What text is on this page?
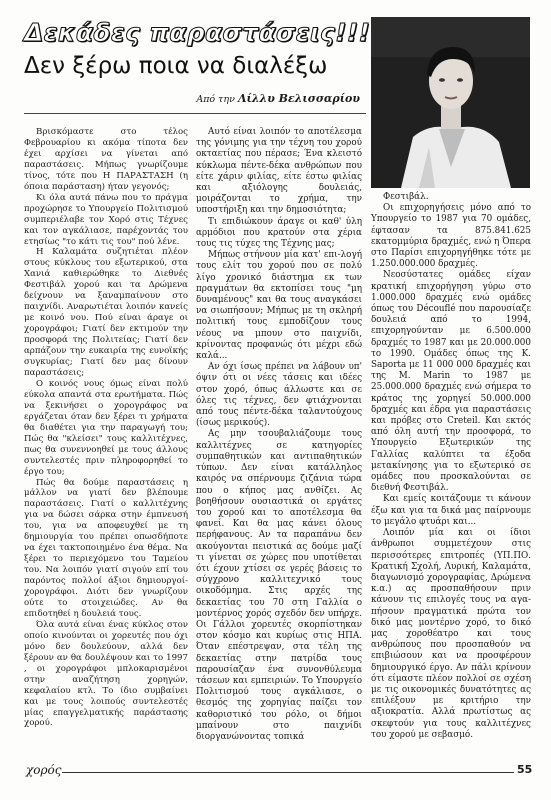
Δεκάδες παραστάσεις!!!
Δεν ξέρω ποια να διαλέξω
Από την Λίλλυ Βελισσαρίου

Βρισκόμαστε στο τέλος Φεβρουαρίου κι ακόμα τίποτα δεν έχει αρχίσει να γίνεται από παραστάσεις. Μήπως γνωρίζουμε τίνος, τότε που Η ΠΑΡΑΣΤΑΣΗ (η όποια παράσταση) ήταν γεγονός;

Κι όλα αυτά πάνω που το πράγμα προχώρησε το Υπουργείο Πολιτισμού συμπεριέλαβε τον Χορό στις Τέχνες και τον αγκάλιασε, παρέχοντάς του ετησίως "το κάτι τις του" πού λένε.

Η Καλαμάτα συζητιέται πλέον στους κύκλους του εξωτερικού, στα Χανιά καθιερώθηκε το Διεθνές Φεστιβάλ χορού και τα Δρώμενα δείχνουν να ξαναμπαίνουν στο παιχνίδι. Αναρωτιέται λοιπόν κανείς με κοινό νου. Πού είναι άραγε οι χορογράφοι; Γιατί δεν εκτιμούν την προσφορά της Πολιτείας; Γιατί δεν αρπάζουν την ευκαιρία της ευνοϊκής συγκυρίας; Γιατί δεν μας δίνουν παραστάσεις;

Ο κοινός νους όμως είναι πολύ εύκολα απαντά στα ερωτήματα. Πώς να ξεκινήσει ο χορογράφος να εργάζεται όταν δεν ξέρει τι χρήματα θα διαθέτει για την παραγωγή του; Πώς θα "κλείσει" τους καλλιτέχνες, πως θα συνεννοηθεί με τους άλλους συντελεστές πριν πληροφορηθεί το έργο του;

Πώς θα δούμε παραστάσεις η μάλλον να γιατί δεν βλέπουμε παραστάσεις. Γιατί ο καλλιτέχνης για να δώσει σάρκα στην έμπνευσή του, για να αποφευχθεί με τη δημιουργία του πρέπει οπωσδήποτε να έχει τακτοποιημένο ένα θέμα. Να ξέρει το περιεχόμενο του Ταμείου του. Να λοιπόν γιατί σιγούν επί του παρόντος πολλοί άξιοι δημιουργοί-χορογράφοι. Διότι δεν γνωρίζουν ούτε το στοιχειώδες. Αν θα επιδοτηθεί η δουλειά τους.

Όλα αυτά είναι ένας κύκλος στον οποίο κινούνται οι χορευτές που όχι μόνο δεν δουλεύουν, αλλά δεν ξέρουν αν θα δουλέψουν και το 1997 , οι χορογράφοι μπλοκαρισμένοι στην αναζήτηση χορηγών, κεφαλαίου κτλ. Το ίδιο συμβαίνει και με τους λοιπούς συντελεστές μίας επαγγελματικής παράστασης χορού.

Αυτό είναι λοιπόν το αποτέλεσμα της γόνιμης για την τέχνη του χορού οκταετίας που πέρασε; Ένα κλειστό κύκλωμα πέντε-δέκα ανθρώπων που είτε χάριν φιλίας, είτε έστω φιλίας και αξιόλογης δουλειάς, μοιράζονται το χρήμα, την υποστήριξη και την δημοσιότητα;

Τι επιδιώκουν άραγε οι καθ' ύλη αρμόδιοι που κρατούν στα χέρια τους τις τύχες της Τέχνης μας;

Μήπως στήνουν μία κατ' επι-λογή τους ελίτ του χορού που σε πολύ λίγο χρονικό διάστημα εκ των πραγμάτων θα εκτοπίσει τους "μη δυναμένους" και θα τους αναγκάσει να σιωπήσουν; Μήπως με τη σκληρή πολιτική τους εμποδίζουν τους νέους να μπουν στο παιχνίδι, κρίνοντας προφανώς ότι μέχρι εδώ καλά...

Αν όχι ίσως πρέπει να λάβουν υπ' όψιν ότι οι νέες τάσεις και ιδέες στον χορό, όπως άλλωστε και σε όλες τις τέχνες, δεν φτιάχνονται από τους πέντε-δέκα ταλαντούχους (ίσως μερικούς).

Ας μην τσουβαλιάζουμε τους καλλιτέχνες σε κατηγορίες συμπαθητικών και αντιπαθητικών τύπων. Δεν είναι κατάλληλος καιρός να σπέρνουμε ζιζάνια τώρα που ο κήπος μας ανθίζει. Ας βοηθήσουν ουσιαστικά οι εργάτες του χορού και το αποτέλεσμα θα φανεί. Και θα μας κάνει όλους περήφανους. Αν τα παραπάνω δεν ακούγονται πειστικά ας δούμε μαζί τι γίνεται σε χώρες που υποτίθεται ότι έχουν χτίσει σε γερές βάσεις το σύγχρονο καλλιτεχνικό τους οικοδόμημα. Στις αρχές της δεκαετίας του 70 στη Γαλλία ο μοντέρνος χορός σχεδόν δεν υπήρχε. Οι Γάλλοι χορευτές σκορπίστηκαν στον κόσμο και κυρίως στις ΗΠΑ. Όταν επέστρεψαν, στα τέλη της δεκαετίας στην πατρίδα τους παρουσίαζαν ένα συνονθύλευμα τάσεων και εμπειριών. Το Υπουργείο Πολιτισμού τους αγκάλιασε, ο θεσμός της χορηγίας παίζει τον καθοριστικό του ρόλο, οι δήμοι μπαίνουν στο παιχνίδι διοργανώνοντας τοπικά

Φεστιβάλ.

Οι επιχορηγήσεις μόνο από το Υπουργείο το 1987 για 70 ομάδες, έφτασαν τα 875.841.625 εκατομμύρια δραχμές, ενώ η Όπερα στο Παρίσι επιχορηγήθηκε τότε με 1.250.000.000 δραχμές.

Νεοσύστατες ομάδες είχαν κρατική επιχορήγηση γύρω στο 1.000.000 δραχμές ενώ ομάδες όπως του Découflé που παρουσίαζε δουλειά από το 1994, επιχορηγούνταν με 6.500.000 δραχμές το 1987 και με 20.000.000 το 1990. Ομάδες όπως της K. Saporta με 11 000 000 δραχμές και της M. Marin το 1987 με 25.000.000 δραχμές ενώ σήμερα το κράτος της χορηγεί 50.000.000 δραχμές και έδρα για παραστάσεις και πρόβες στο Creteil. Και εκτός από όλη αυτή την προσφορά, το Υπουργείο Εξωτερικών της Γαλλίας καλύπτει τα έξοδα μετακίνησης για το εξωτερικό σε ομάδες που προσκαλούνται σε διεθνή Φεστιβάλ.

Και εμείς κοιτάζουμε τι κάνουν έξω και για τα δικά μας παίρνουμε το μεγάλο φτυάρι και...

Λοιπόν μία και οι ίδιοι άνθρωποι συμμετέχουν στις περισσότερες επιτροπές (ΥΠ.ΠΟ. Κρατική Σχολή, Λυρική, Καλαμάτα, διαγωνισμό χορογραφίας, Δρώμενα κ.α.) ας προσπαθήσουν πριν κάνουν τις επιλογές τους να αγα-πήσουν πραγματικά πρώτα τον δικό μας μοντέρνο χορό, το δικό μας χοροθέατρο και τους ανθρώπους που προσπαθούν να επιβιώσουν και να προσφέρουν δημιουργικό έργο. Αν πάλι κρίνουν ότι είμαστε πλέον πολλοί σε σχέση με τις οικονομικές δυνατότητες ας επιλέξουν με κριτήριο την αξιοκρατία. Αλλά πρωτίστως ας σκεφτούν για τους καλλιτέχνες του χορού με σεβασμό.

χορός	55
